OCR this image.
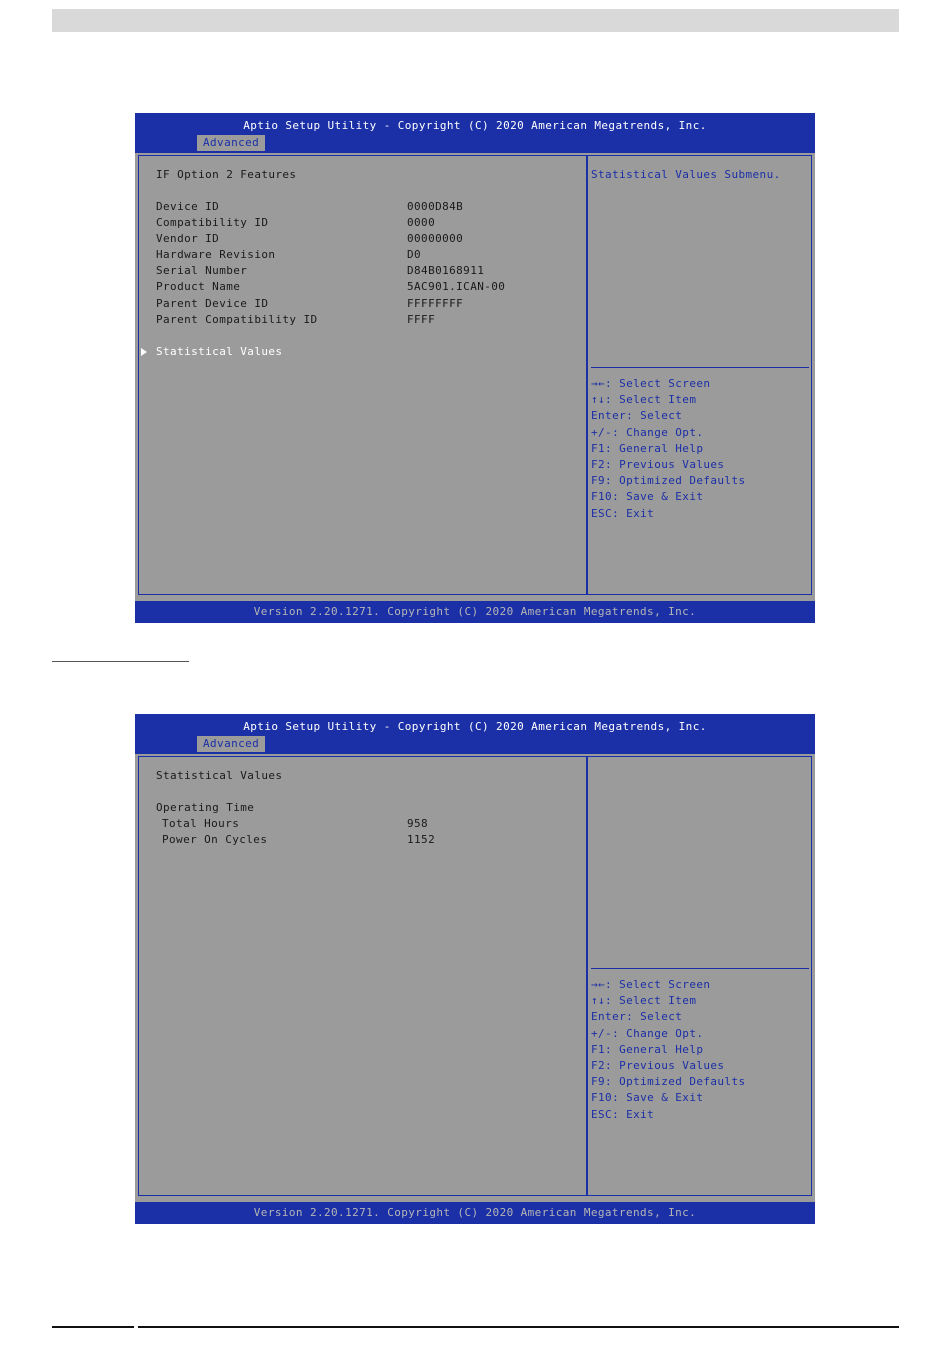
Aptio Setup Utility - Copyright (C) 2020 American Megatrends, Inc.
Advanced
IF Option 2 Features
Device ID	0000D84B
Compatibility ID	0000
Vendor ID	00000000
Hardware Revision	D0
Serial Number	D84B0168911
Product Name	5AC901.ICAN-00
Parent Device ID	FFFFFFFF
Parent Compatibility ID	FFFF
Statistical Values
Statistical Values Submenu.
→←: Select Screen
↑↓: Select Item
Enter: Select
+/-: Change Opt.
F1: General Help
F2: Previous Values
F9: Optimized Defaults
F10: Save & Exit
ESC: Exit
Version 2.20.1271. Copyright (C) 2020 American Megatrends, Inc.
Aptio Setup Utility - Copyright (C) 2020 American Megatrends, Inc.
Advanced
Statistical Values
Operating Time
Total Hours	958
Power On Cycles	1152
→←: Select Screen
↑↓: Select Item
Enter: Select
+/-: Change Opt.
F1: General Help
F2: Previous Values
F9: Optimized Defaults
F10: Save & Exit
ESC: Exit
Version 2.20.1271. Copyright (C) 2020 American Megatrends, Inc.
